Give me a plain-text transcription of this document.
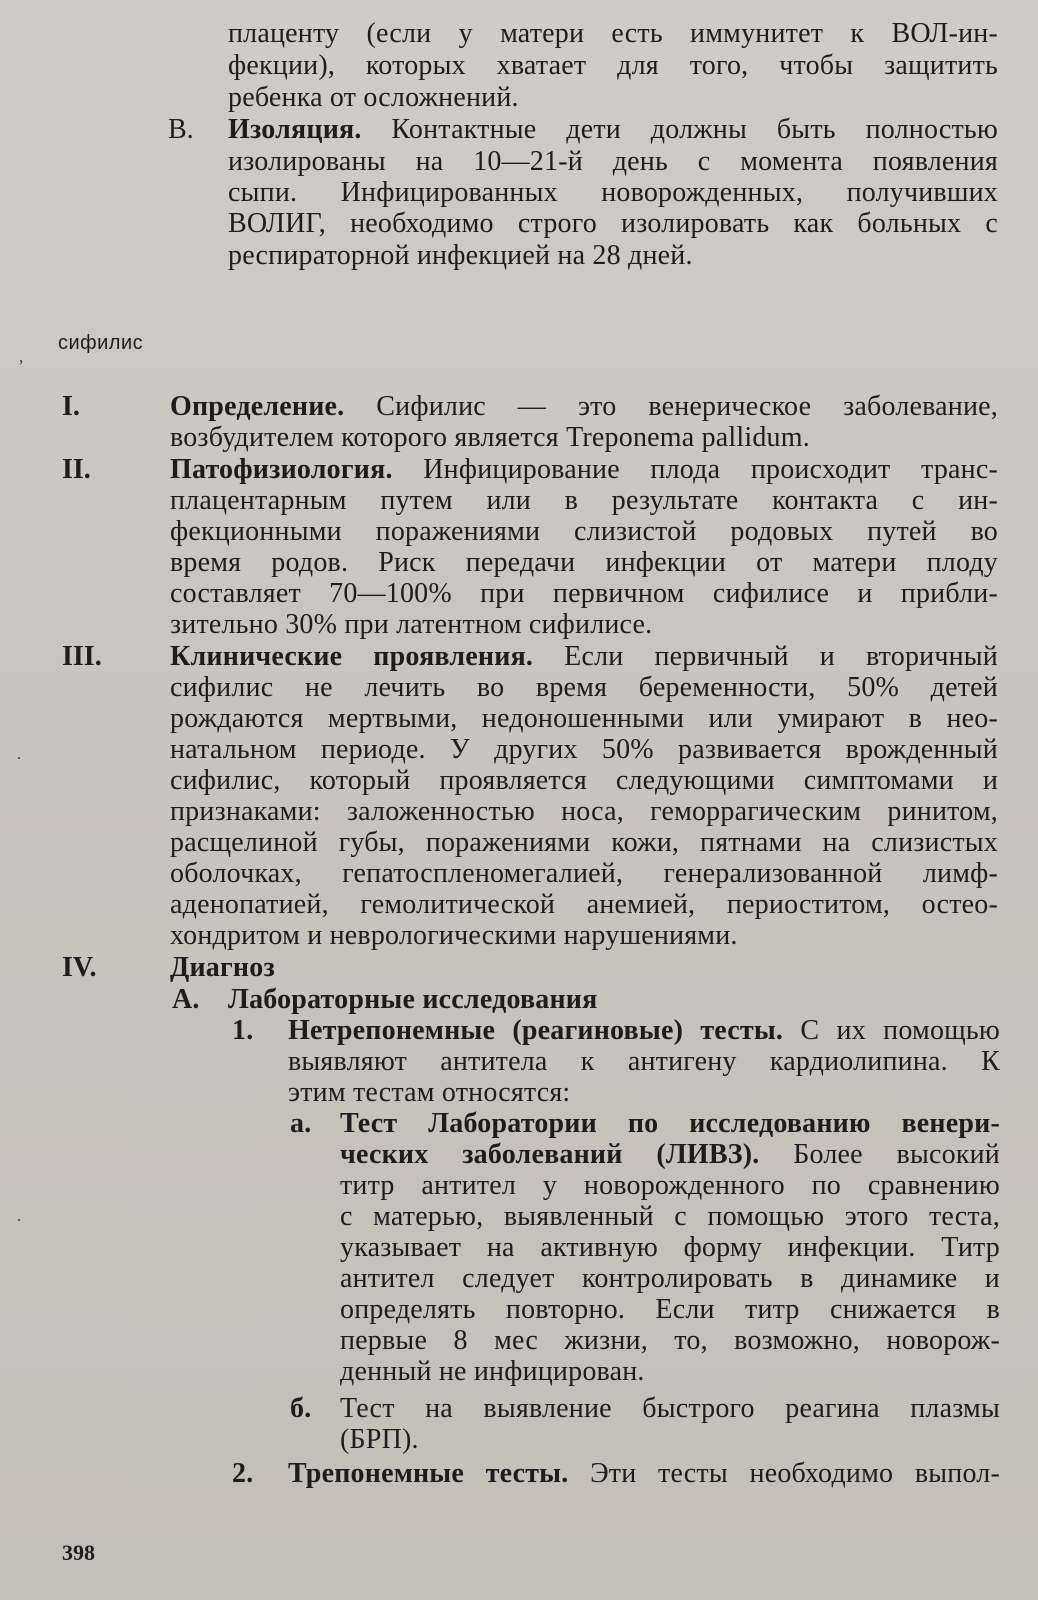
плаценту (если у матери есть иммунитет к ВОЛ-ин-
фекции), которых хватает для того, чтобы защитить
ребенка от осложнений.
В. Изоляция. Контактные дети должны быть полностью
изолированы на 10—21-й день с момента появления
сыпи. Инфицированных новорожденных, получивших
ВОЛИГ, необходимо строго изолировать как больных с
респираторной инфекцией на 28 дней.
сифилис
ʼ
I.	Определение. Сифилис — это венерическое заболевание,
возбудителем которого является Treponema pallidum.
II.	Патофизиология. Инфицирование плода происходит транс-
плацентарным путем или в результате контакта с ин-
фекционными поражениями слизистой родовых путей во
время родов. Риск передачи инфекции от матери плоду
составляет 70—100% при первичном сифилисе и прибли-
зительно 30% при латентном сифилисе.
III. Клинические проявления. Если первичный и вторичный
сифилис не лечить во время беременности, 50% детей
рождаются мертвыми, недоношенными или умирают в нео-
натальном периоде. У других 50% развивается врожденный
сифилис, который проявляется следующими симптомами и
признаками: заложенностью носа, геморрагическим ринитом,
расщелиной губы, поражениями кожи, пятнами на слизистых
оболочках, гепатоспленомегалией, генерализованной лимф-
аденопатией, гемолитической анемией, периоститом, остео-
хондритом и неврологическими нарушениями.
·
IV.	Диагноз
А. Лабораторные исследования
1. Нетрепонемные (реагиновые) тесты. С их помощью
выявляют антитела к антигену кардиолипина. К
этим тестам относятся:
а. Тест Лаборатории по исследованию венери-
ческих заболеваний (ЛИВЗ). Более высокий
титр антител у новорожденного по сравнению
с матерью, выявленный с помощью этого теста,
указывает на активную форму инфекции. Титр
антител следует контролировать в динамике и
определять повторно. Если титр снижается в
первые 8 мес жизни, то, возможно, новорож-
денный не инфицирован.
·
б. Тест на выявление быстрого реагина плазмы
(БРП).
2. Трепонемные тесты. Эти тесты необходимо выпол-
398
